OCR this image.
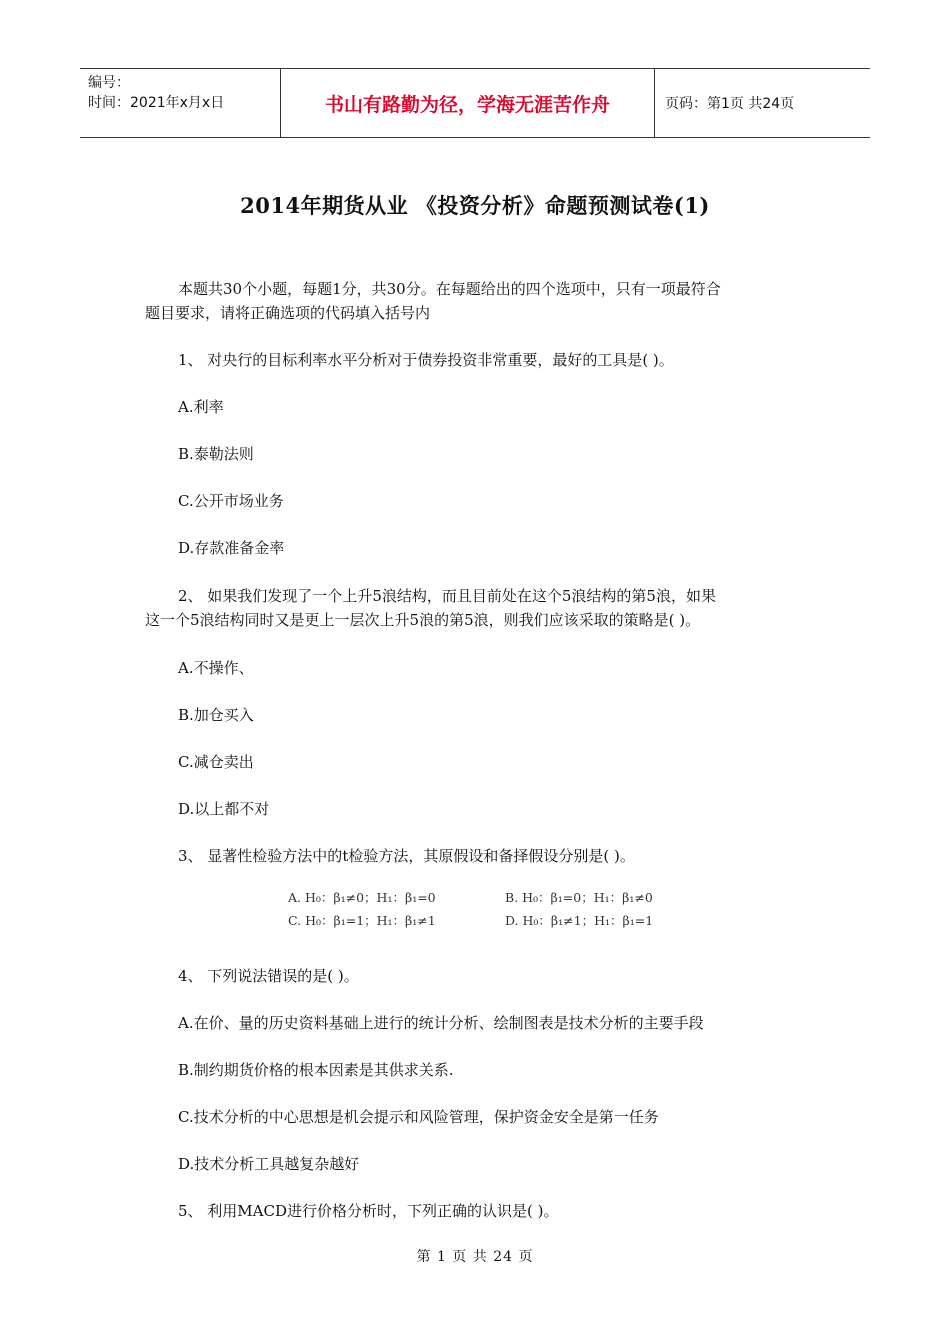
编号：
时间：2021年x月x日	书山有路勤为径，学海无涯苦作舟	页码：第1页 共24页
2014年期货从业 《投资分析》命题预测试卷(1)
本题共30个小题，每题1分，共30分。在每题给出的四个选项中，只有一项最符合
题目要求，请将正确选项的代码填入括号内
1、 对央行的目标利率水平分析对于债券投资非常重要，最好的工具是( )。
A.利率
B.泰勒法则
C.公开市场业务
D.存款准备金率
2、 如果我们发现了一个上升5浪结构，而且目前处在这个5浪结构的第5浪，如果
这一个5浪结构同时又是更上一层次上升5浪的第5浪，则我们应该采取的策略是( )。
A.不操作、
B.加仓买入
C.减仓卖出
D.以上都不对
3、 显著性检验方法中的t检验方法，其原假设和备择假设分别是( )。
A. H₀：β₁≠0；H₁：β₁=0	B. H₀：β₁=0；H₁：β₁≠0
C. H₀：β₁=1；H₁：β₁≠1	D. H₀：β₁≠1；H₁：β₁=1
4、 下列说法错误的是( )。
A.在价、量的历史资料基础上进行的统计分析、绘制图表是技术分析的主要手段
B.制约期货价格的根本因素是其供求关系.
C.技术分析的中心思想是机会提示和风险管理，保护资金安全是第一任务
D.技术分析工具越复杂越好
5、 利用MACD进行价格分析时，下列正确的认识是( )。
第 1 页 共 24 页
